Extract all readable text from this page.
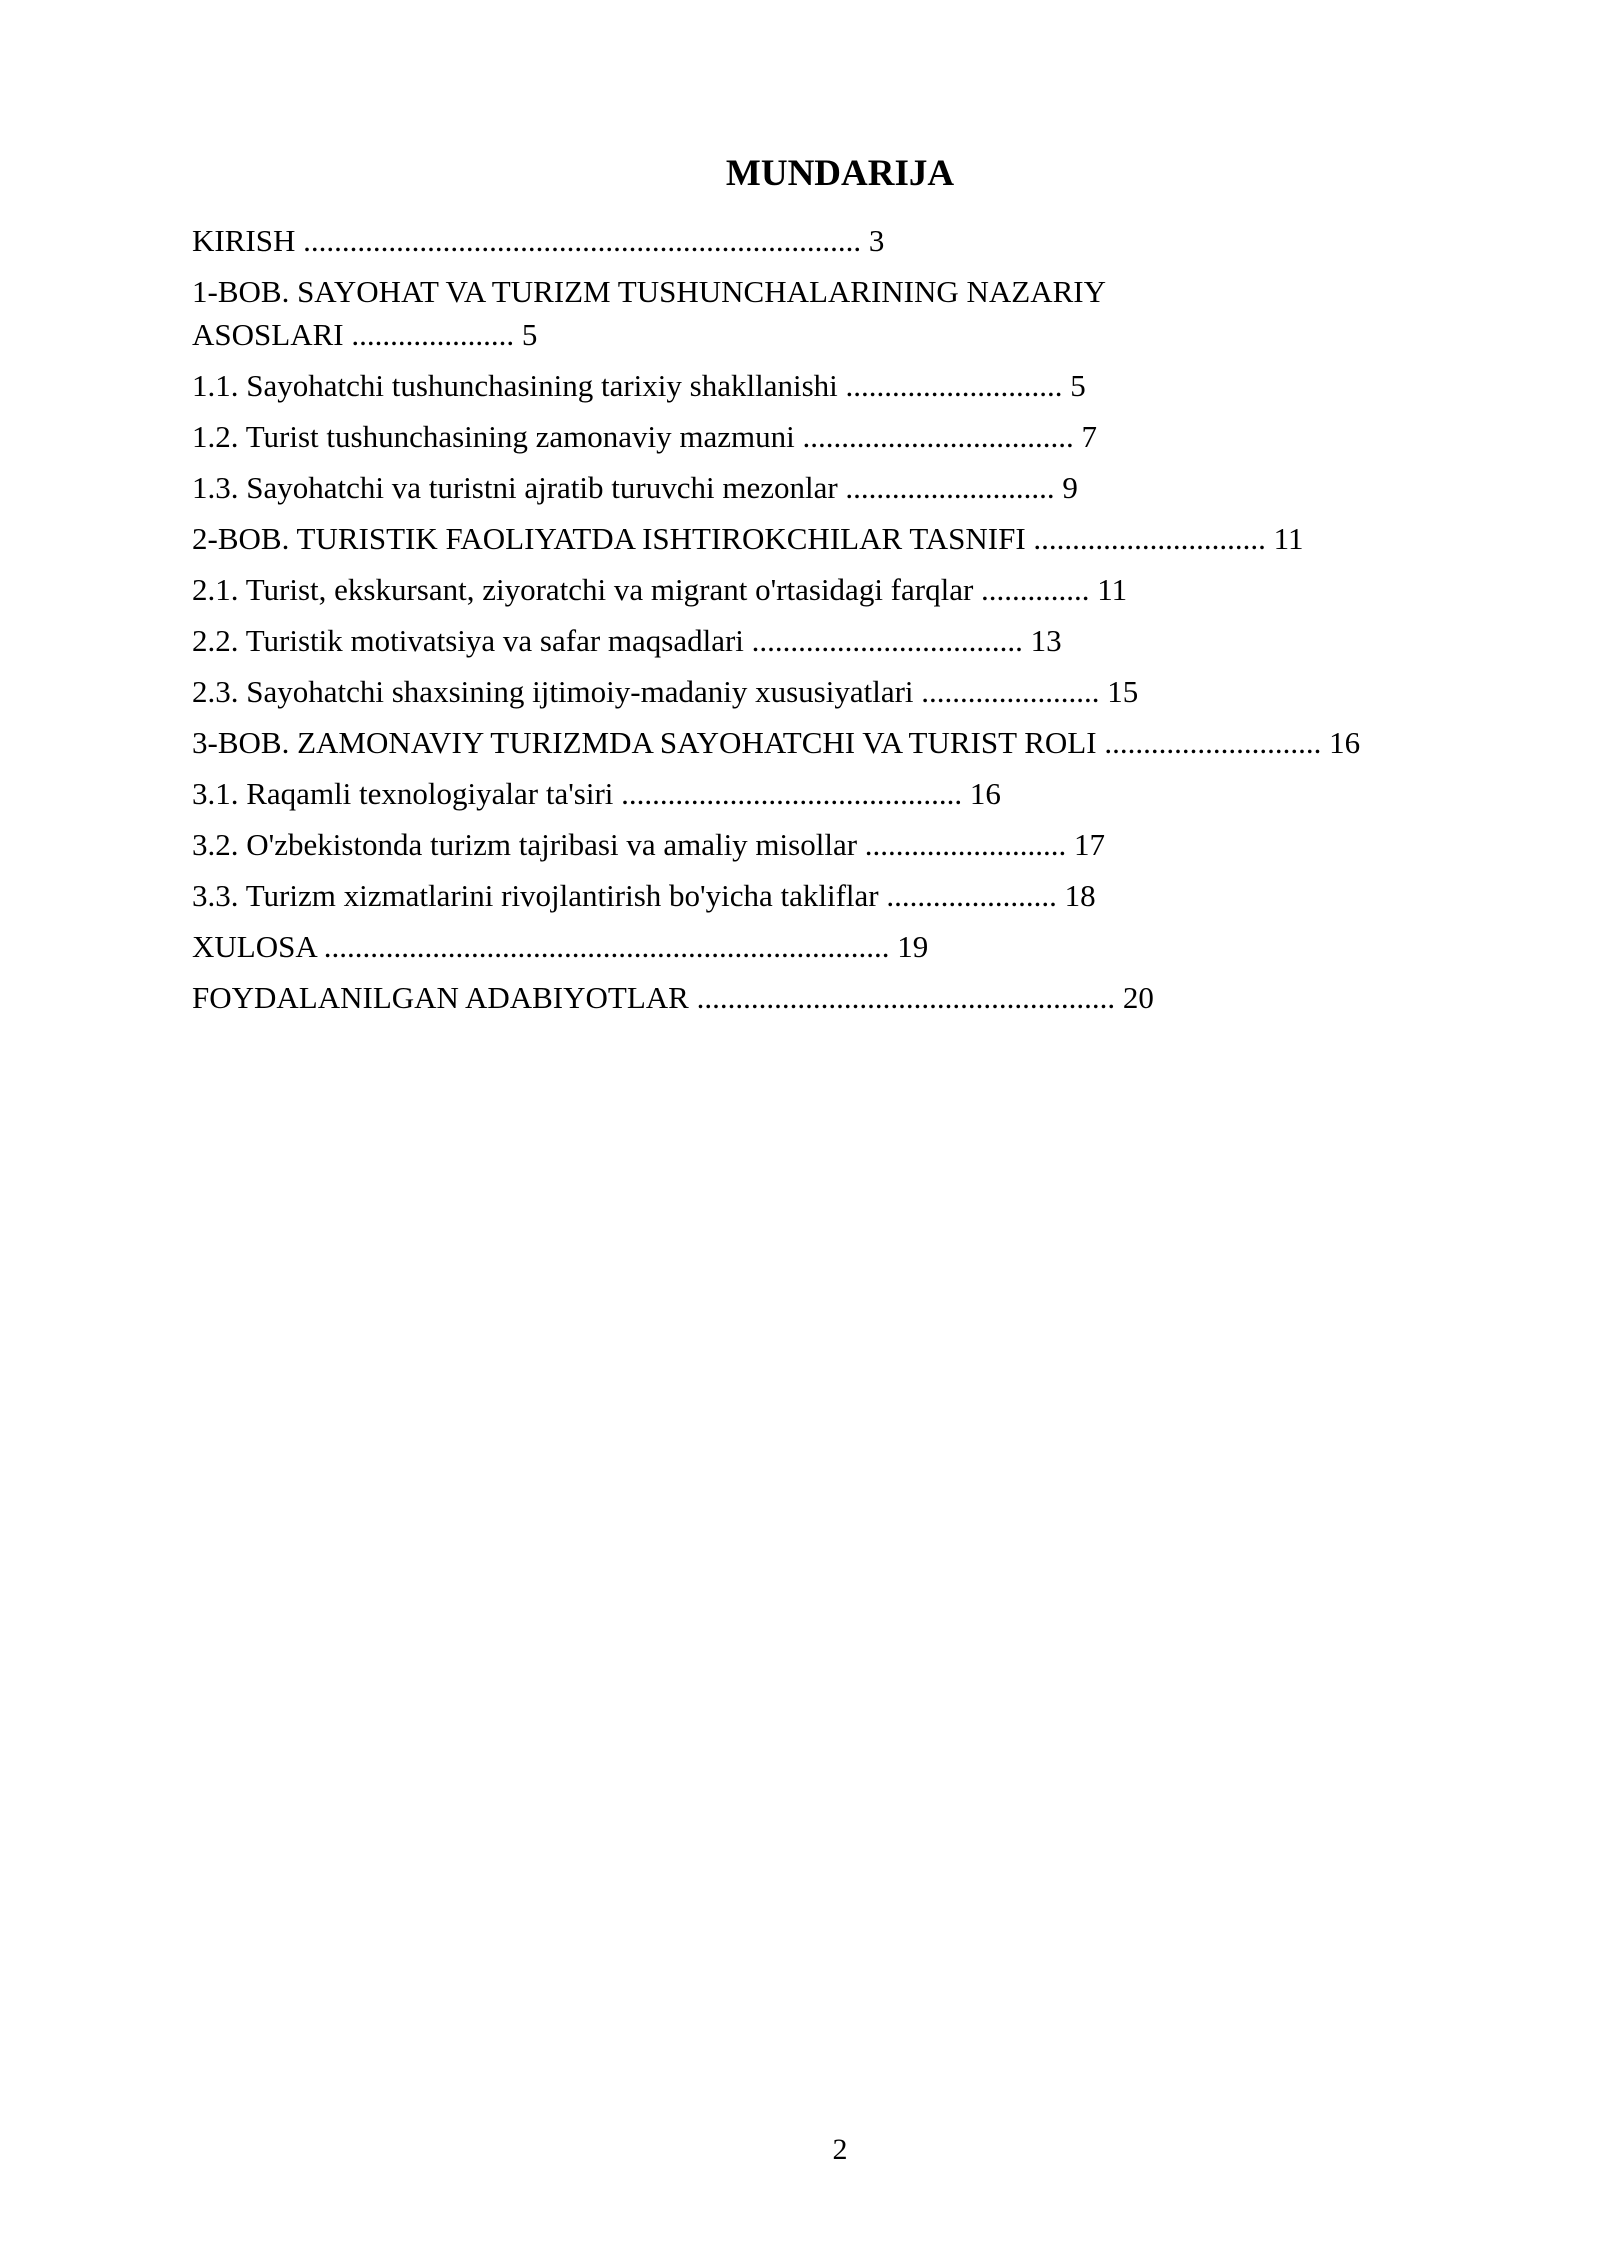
MUNDARIJA
KIRISH ........................................................................ 3
1-BOB. SAYOHAT VA TURIZM TUSHUNCHALARINING NAZARIY ASOSLARI ..................... 5
1.1. Sayohatchi tushunchasining tarixiy shakllanishi ............................ 5
1.2. Turist tushunchasining zamonaviy mazmuni ................................... 7
1.3. Sayohatchi va turistni ajratib turuvchi mezonlar ........................... 9
2-BOB. TURISTIK FAOLIYATDA ISHTIROKCHILAR TASNIFI .............................. 11
2.1. Turist, ekskursant, ziyoratchi va migrant o'rtasidagi farqlar .............. 11
2.2. Turistik motivatsiya va safar maqsadlari ................................... 13
2.3. Sayohatchi shaxsining ijtimoiy-madaniy xususiyatlari ....................... 15
3-BOB. ZAMONAVIY TURIZMDA SAYOHATCHI VA TURIST ROLI ............................ 16
3.1. Raqamli texnologiyalar ta'siri ............................................ 16
3.2. O'zbekistonda turizm tajribasi va amaliy misollar .......................... 17
3.3. Turizm xizmatlarini rivojlantirish bo'yicha takliflar ...................... 18
XULOSA ......................................................................... 19
FOYDALANILGAN ADABIYOTLAR ...................................................... 20
2
